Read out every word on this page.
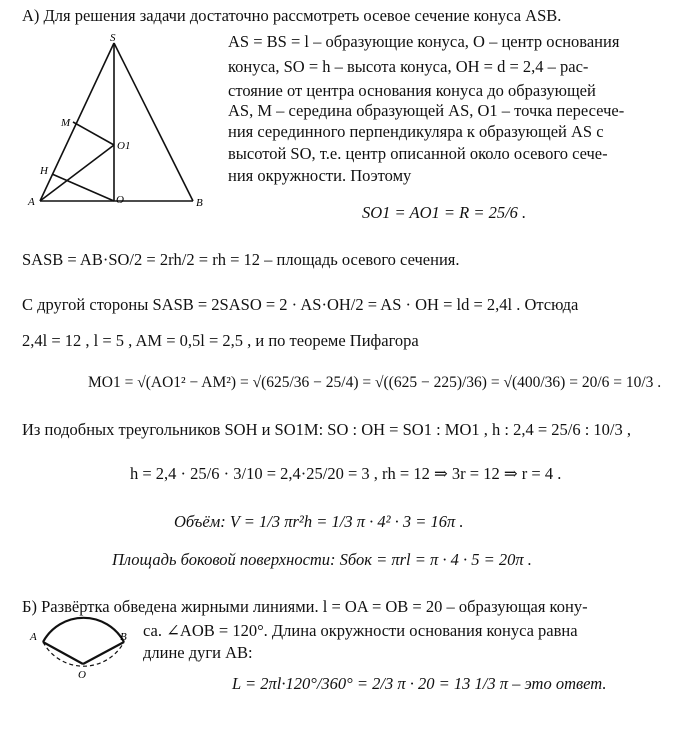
S
M
O1
H
A	O	B
A	B
O
А) Для решения задачи достаточно рассмотреть осевое сечение конуса ASB.
AS = BS = l – образующие конуса, O – центр основания
конуса, SO = h – высота конуса, OH = d = 2,4 – рас-
стояние от центра основания конуса до образующей
AS, M – середина образующей AS, O1 – точка пересече-
ния серединного перпендикуляра к образующей AS с
высотой SO, т.е. центр описанной около осевого сече-
ния окружности. Поэтому
SO1 = AO1 = R = 25/6 .
SASB = AB·SO/2 = 2rh/2 = rh = 12 – площадь осевого сечения.
С другой стороны SASB = 2SASO = 2 · AS·OH/2 = AS · OH = ld = 2,4l . Отсюда
2,4l = 12 , l = 5 , AM = 0,5l = 2,5 , и по теореме Пифагора
MO1 = √(AO1² − AM²) = √(625/36 − 25/4) = √((625 − 225)/36) = √(400/36) = 20/6 = 10/3 .
Из подобных треугольников SOH и SO1M: SO : OH = SO1 : MO1 , h : 2,4 = 25/6 : 10/3 ,
h = 2,4 · 25/6 · 3/10 = 2,4·25/20 = 3 , rh = 12 ⇒ 3r = 12 ⇒ r = 4 .
Объём: V = 1/3 πr²h = 1/3 π · 4² · 3 = 16π .
Площадь боковой поверхности: Sбок = πrl = π · 4 · 5 = 20π .
Б) Развёртка обведена жирными линиями. l = OA = OB = 20 – образующая кону-
са. ∠AOB = 120°. Длина окружности основания конуса равна
длине дуги AB:
L = 2πl·120°/360° = 2/3 π · 20 = 13 1/3 π – это ответ.
